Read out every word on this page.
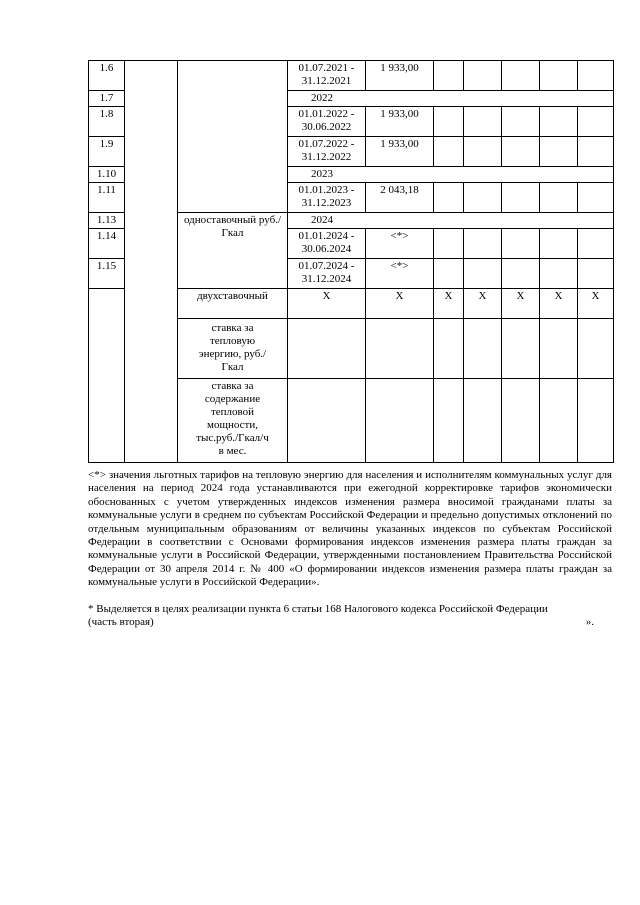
1.6			01.07.2021 - 31.12.2021	1 933,00					
1.7			2022						
1.8			01.01.2022 - 30.06.2022	1 933,00					
1.9			01.07.2022 - 31.12.2022	1 933,00					
1.10			2023						
1.11			01.01.2023 - 31.12.2023	2 043,18					
1.13		одноставочный руб./Гкал	2024						
1.14			01.01.2024 - 30.06.2024	<*>					
1.15			01.07.2024 - 31.12.2024	<*>					
		двухставочный	X	X	X	X	X	X	X
		ставка за тепловую энергию, руб./Гкал							
		ставка за содержание тепловой мощности, тыс.руб./Гкал/ч в мес.							

<*> значения льготных тарифов на тепловую энергию для населения и исполнителям коммунальных услуг для населения на период 2024 года устанавливаются при ежегодной корректировке тарифов экономически обоснованных с учетом утвержденных индексов изменения размера вносимой гражданами платы за коммунальные услуги в среднем по субъектам Российской Федерации и предельно допустимых отклонений по отдельным муниципальным образованиям от величины указанных индексов по субъектам Российской Федерации в соответствии с Основами формирования индексов изменения размера платы граждан за коммунальные услуги в Российской Федерации, утвержденными постановлением Правительства Российской Федерации от 30 апреля 2014 г. № 400 «О формировании индексов изменения размера платы граждан за коммунальные услуги в Российской Федерации».

* Выделяется в целях реализации пункта 6 статьи 168 Налогового кодекса Российской Федерации

(часть вторая)	».
